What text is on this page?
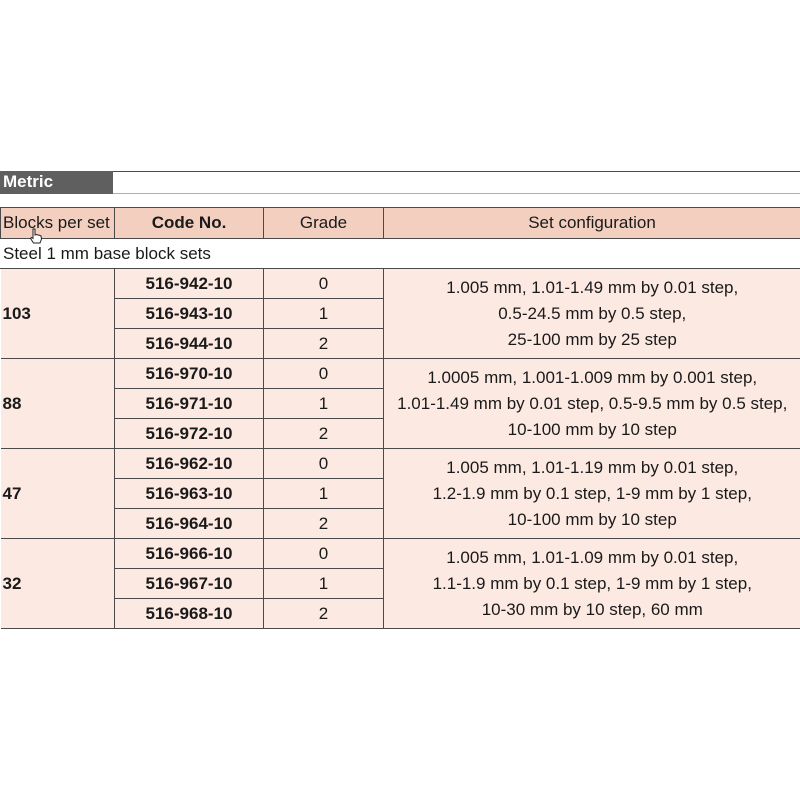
Metric
Blocks per set	Code No.	Grade	Set configuration
Steel 1 mm base block sets			
103	516-942-10	0	1.005 mm, 1.01-1.49 mm by 0.01 step,
0.5-24.5 mm by 0.5 step,
25-100 mm by 25 step

	516-943-10	1	
	516-944-10	2	
88	516-970-10	0	1.0005 mm, 1.001-1.009 mm by 0.001 step,
1.01-1.49 mm by 0.01 step, 0.5-9.5 mm by 0.5 step,
10-100 mm by 10 step

	516-971-10	1	
	516-972-10	2	
47	516-962-10	0	1.005 mm, 1.01-1.19 mm by 0.01 step,
1.2-1.9 mm by 0.1 step, 1-9 mm by 1 step,
10-100 mm by 10 step

	516-963-10	1	
	516-964-10	2	
32	516-966-10	0	1.005 mm, 1.01-1.09 mm by 0.01 step,
1.1-1.9 mm by 0.1 step, 1-9 mm by 1 step,
10-30 mm by 10 step, 60 mm

	516-967-10	1	
	516-968-10	2	
